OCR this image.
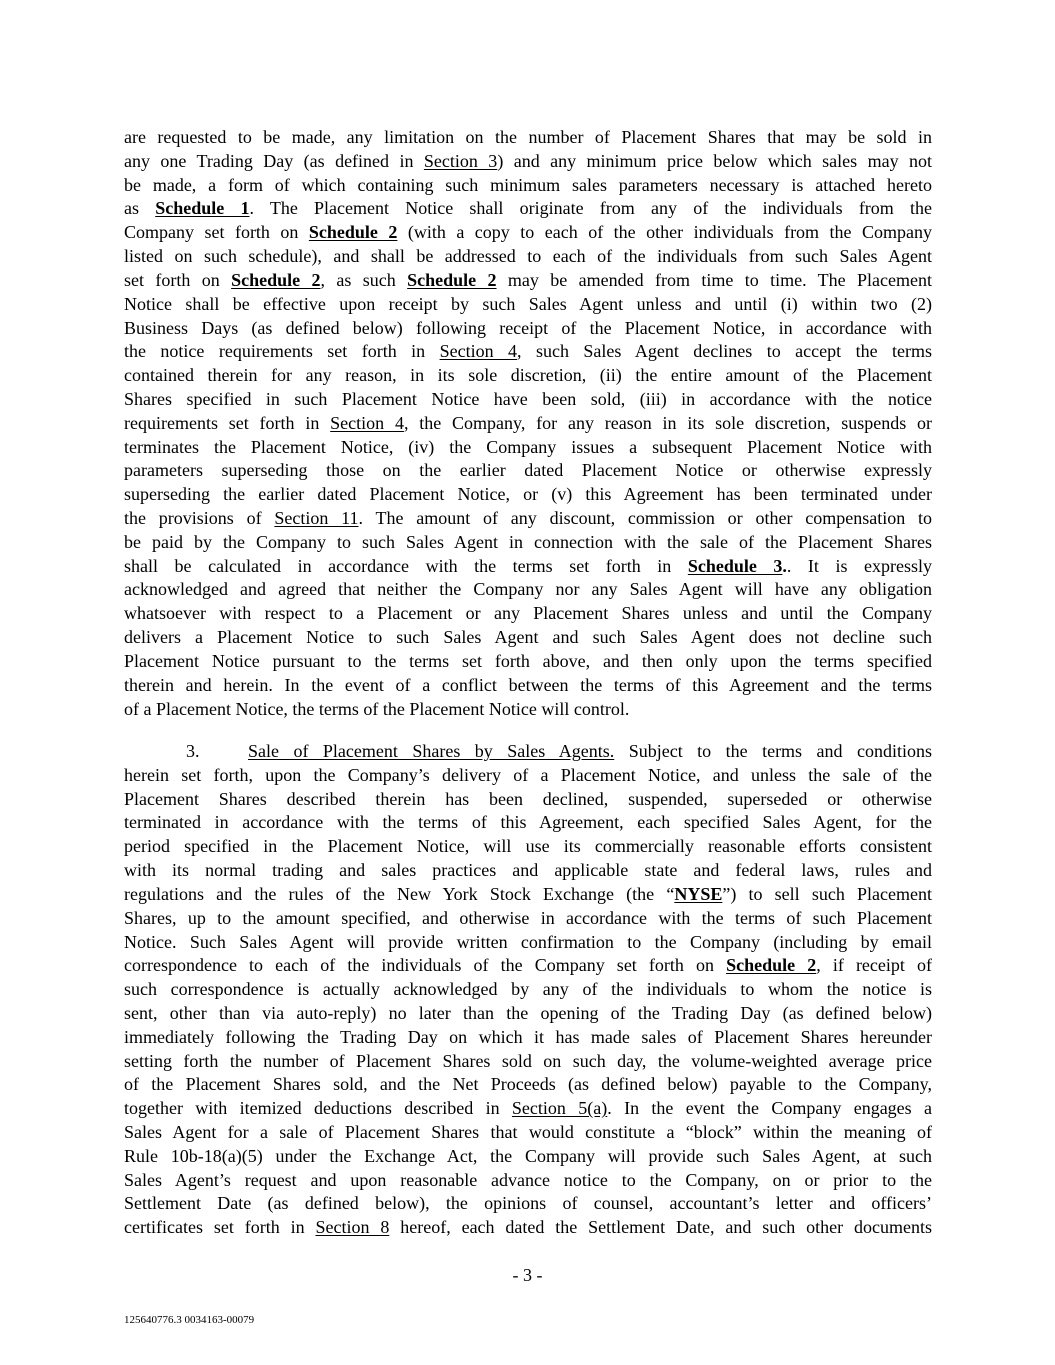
are requested to be made, any limitation on the number of Placement Shares that may be sold in
any one Trading Day (as defined in Section 3) and any minimum price below which sales may not
be made, a form of which containing such minimum sales parameters necessary is attached hereto
as Schedule 1. The Placement Notice shall originate from any of the individuals from the
Company set forth on Schedule 2 (with a copy to each of the other individuals from the Company
listed on such schedule), and shall be addressed to each of the individuals from such Sales Agent
set forth on Schedule 2, as such Schedule 2 may be amended from time to time. The Placement
Notice shall be effective upon receipt by such Sales Agent unless and until (i) within two (2)
Business Days (as defined below) following receipt of the Placement Notice, in accordance with
the notice requirements set forth in Section 4, such Sales Agent declines to accept the terms
contained therein for any reason, in its sole discretion, (ii) the entire amount of the Placement
Shares specified in such Placement Notice have been sold, (iii) in accordance with the notice
requirements set forth in Section 4, the Company, for any reason in its sole discretion, suspends or
terminates the Placement Notice, (iv) the Company issues a subsequent Placement Notice with
parameters superseding those on the earlier dated Placement Notice or otherwise expressly
superseding the earlier dated Placement Notice, or (v) this Agreement has been terminated under
the provisions of Section 11. The amount of any discount, commission or other compensation to
be paid by the Company to such Sales Agent in connection with the sale of the Placement Shares
shall be calculated in accordance with the terms set forth in Schedule 3.. It is expressly
acknowledged and agreed that neither the Company nor any Sales Agent will have any obligation
whatsoever with respect to a Placement or any Placement Shares unless and until the Company
delivers a Placement Notice to such Sales Agent and such Sales Agent does not decline such
Placement Notice pursuant to the terms set forth above, and then only upon the terms specified
therein and herein. In the event of a conflict between the terms of this Agreement and the terms
of a Placement Notice, the terms of the Placement Notice will control.

3.	Sale of Placement Shares by Sales Agents. Subject to the terms and conditions
herein set forth, upon the Company’s delivery of a Placement Notice, and unless the sale of the
Placement Shares described therein has been declined, suspended, superseded or otherwise
terminated in accordance with the terms of this Agreement, each specified Sales Agent, for the
period specified in the Placement Notice, will use its commercially reasonable efforts consistent
with its normal trading and sales practices and applicable state and federal laws, rules and
regulations and the rules of the New York Stock Exchange (the “NYSE”) to sell such Placement
Shares, up to the amount specified, and otherwise in accordance with the terms of such Placement
Notice. Such Sales Agent will provide written confirmation to the Company (including by email
correspondence to each of the individuals of the Company set forth on Schedule 2, if receipt of
such correspondence is actually acknowledged by any of the individuals to whom the notice is
sent, other than via auto-reply) no later than the opening of the Trading Day (as defined below)
immediately following the Trading Day on which it has made sales of Placement Shares hereunder
setting forth the number of Placement Shares sold on such day, the volume-weighted average price
of the Placement Shares sold, and the Net Proceeds (as defined below) payable to the Company,
together with itemized deductions described in Section 5(a). In the event the Company engages a
Sales Agent for a sale of Placement Shares that would constitute a “block” within the meaning of
Rule 10b-18(a)(5) under the Exchange Act, the Company will provide such Sales Agent, at such
Sales Agent’s request and upon reasonable advance notice to the Company, on or prior to the
Settlement Date (as defined below), the opinions of counsel, accountant’s letter and officers’
certificates set forth in Section 8 hereof, each dated the Settlement Date, and such other documents

- 3 -
125640776.3 0034163-00079
